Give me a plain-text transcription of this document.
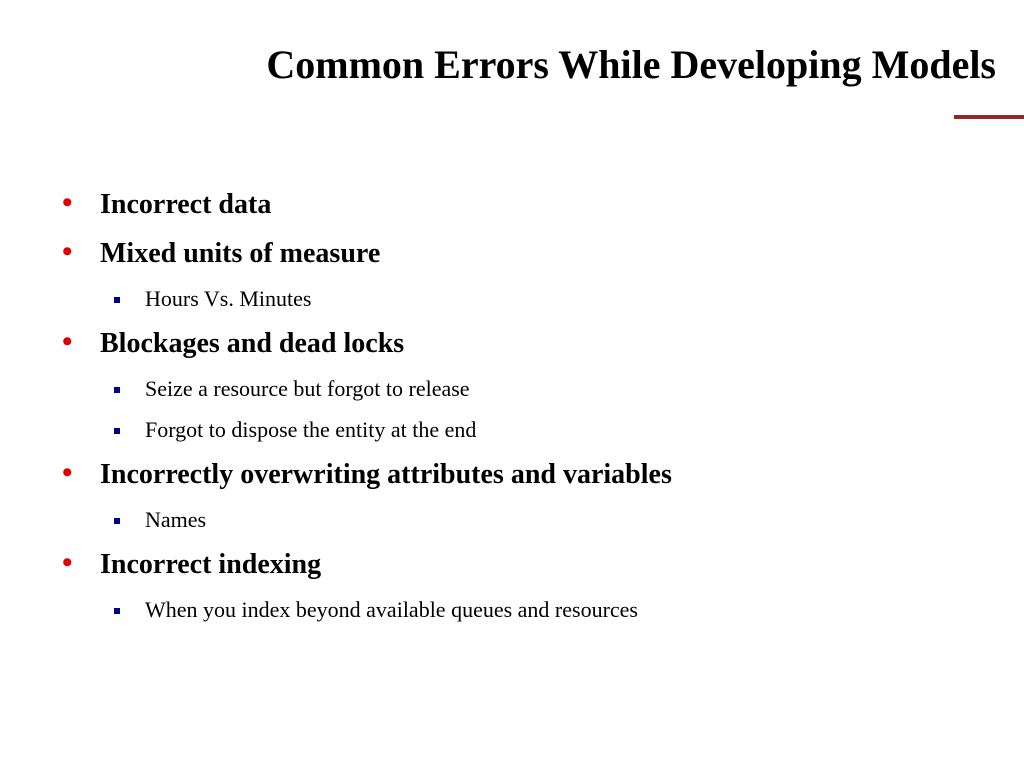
Common Errors While Developing Models
• Incorrect data
• Mixed units of measure
Hours Vs. Minutes
• Blockages and dead locks
Seize a resource but forgot to release
Forgot to dispose the entity at the end
• Incorrectly overwriting attributes and variables
Names
• Incorrect indexing
When you index beyond available queues and resources
